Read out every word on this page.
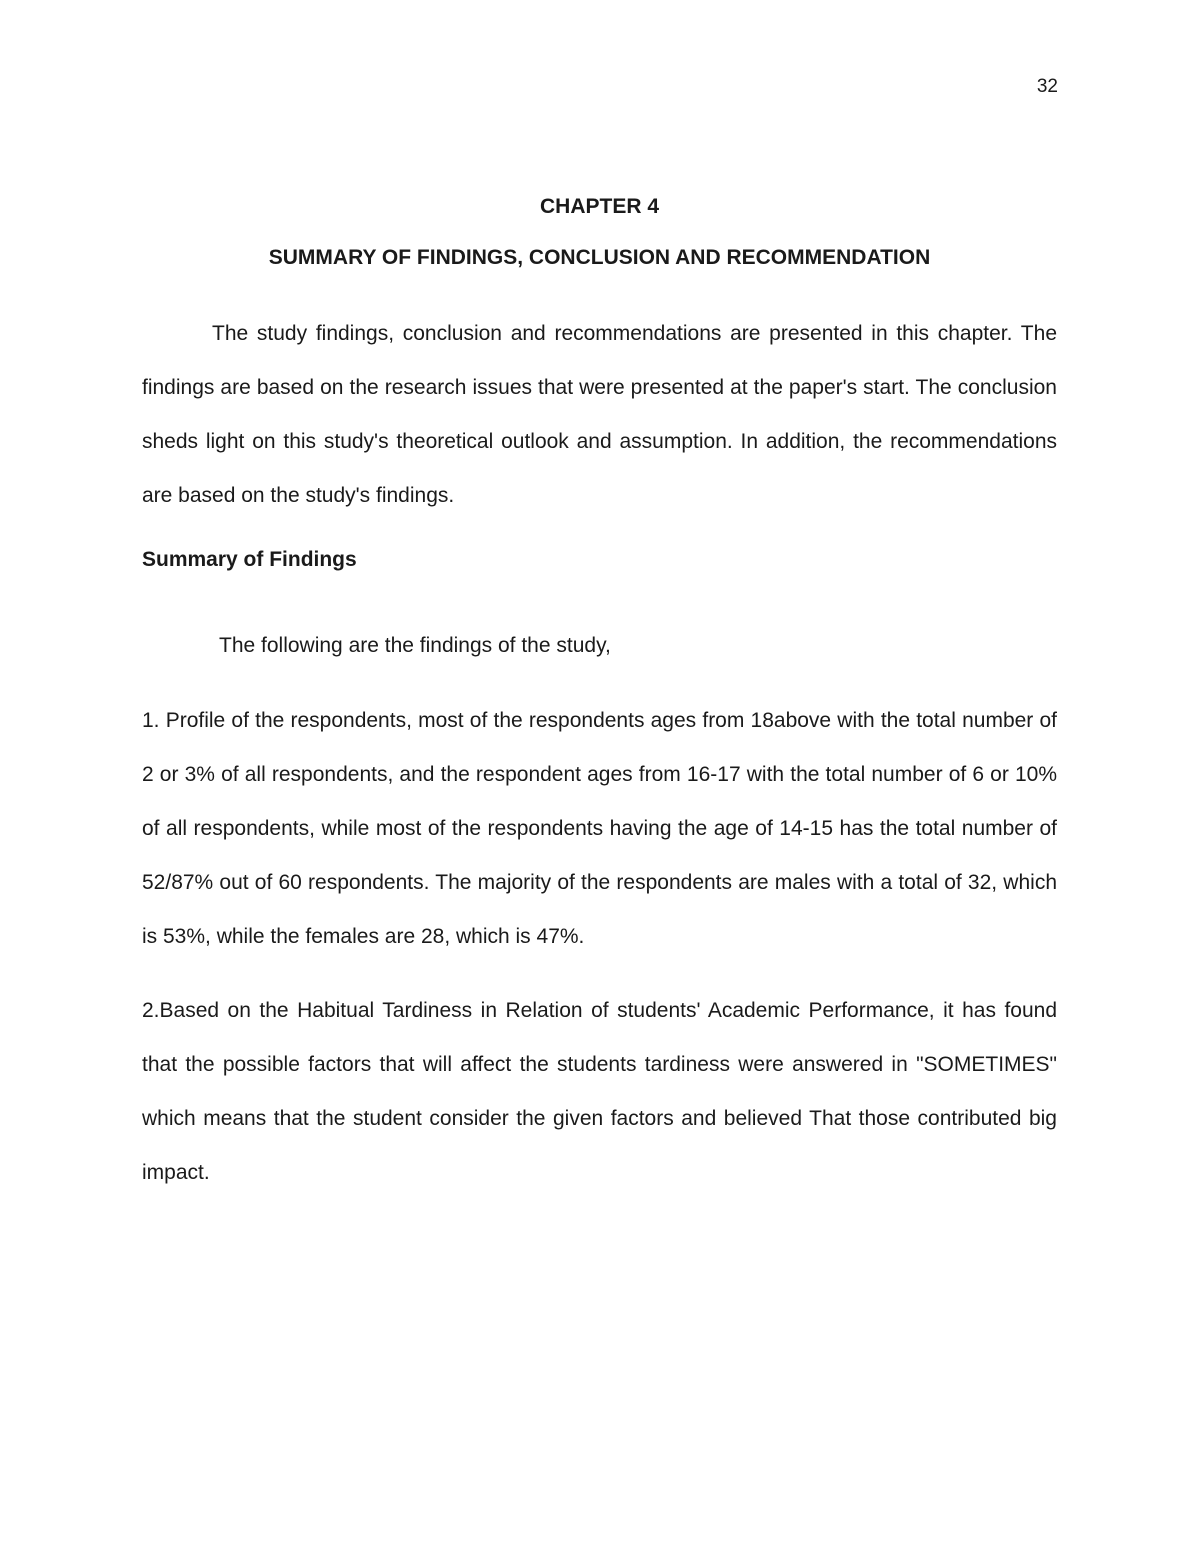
32
CHAPTER 4
SUMMARY OF FINDINGS, CONCLUSION AND RECOMMENDATION

The study findings, conclusion and recommendations are presented in this chapter. The findings are based on the research issues that were presented at the paper's start. The conclusion sheds light on this study's theoretical outlook and assumption. In addition, the recommendations are based on the study's findings.

Summary of Findings

The following are the findings of the study,

1. Profile of the respondents, most of the respondents ages from 18above with the total number of 2 or 3% of all respondents, and the respondent ages from 16-17 with the total number of 6 or 10% of all respondents, while most of the respondents having the age of 14-15 has the total number of 52/87% out of 60 respondents. The majority of the respondents are males with a total of 32, which is 53%, while the females are 28, which is 47%.

2.Based on the Habitual Tardiness in Relation of students' Academic Performance, it has found that the possible factors that will affect the students tardiness were answered in "SOMETIMES" which means that the student consider the given factors and believed That those contributed big impact.
